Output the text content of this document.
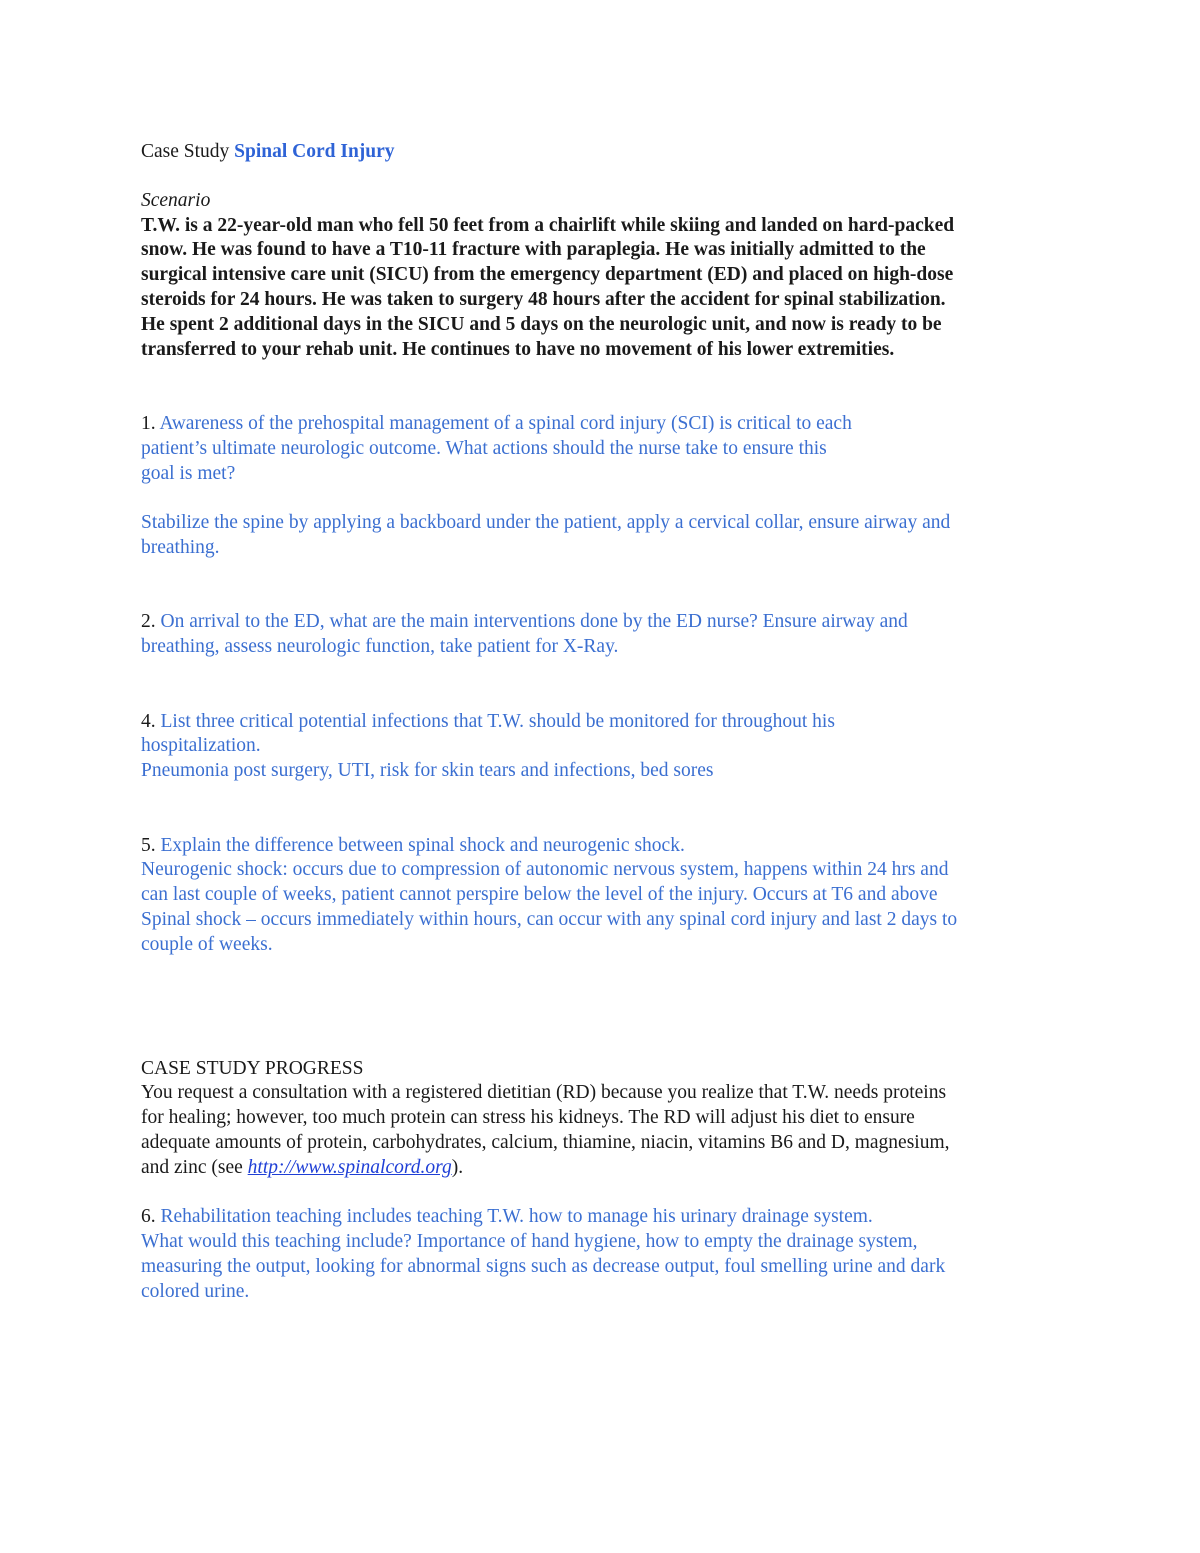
Case Study Spinal Cord Injury
Scenario
T.W. is a 22-year-old man who fell 50 feet from a chairlift while skiing and landed on hard-packed
snow. He was found to have a T10-11 fracture with paraplegia. He was initially admitted to the
surgical intensive care unit (SICU) from the emergency department (ED) and placed on high-dose
steroids for 24 hours. He was taken to surgery 48 hours after the accident for spinal stabilization.
He spent 2 additional days in the SICU and 5 days on the neurologic unit, and now is ready to be
transferred to your rehab unit. He continues to have no movement of his lower extremities.
1. Awareness of the prehospital management of a spinal cord injury (SCI) is critical to each
patient’s ultimate neurologic outcome. What actions should the nurse take to ensure this
goal is met?
Stabilize the spine by applying a backboard under the patient, apply a cervical collar, ensure airway and
breathing.
2. On arrival to the ED, what are the main interventions done by the ED nurse? Ensure airway and
breathing, assess neurologic function, take patient for X-Ray.
4. List three critical potential infections that T.W. should be monitored for throughout his
hospitalization.
Pneumonia post surgery, UTI, risk for skin tears and infections, bed sores
5. Explain the difference between spinal shock and neurogenic shock.
Neurogenic shock: occurs due to compression of autonomic nervous system, happens within 24 hrs and
can last couple of weeks, patient cannot perspire below the level of the injury. Occurs at T6 and above
Spinal shock – occurs immediately within hours, can occur with any spinal cord injury and last 2 days to
couple of weeks.
CASE STUDY PROGRESS
You request a consultation with a registered dietitian (RD) because you realize that T.W. needs proteins
for healing; however, too much protein can stress his kidneys. The RD will adjust his diet to ensure
adequate amounts of protein, carbohydrates, calcium, thiamine, niacin, vitamins B6 and D, magnesium,
and zinc (see http://www.spinalcord.org).
6. Rehabilitation teaching includes teaching T.W. how to manage his urinary drainage system.
What would this teaching include? Importance of hand hygiene, how to empty the drainage system,
measuring the output, looking for abnormal signs such as decrease output, foul smelling urine and dark
colored urine.
